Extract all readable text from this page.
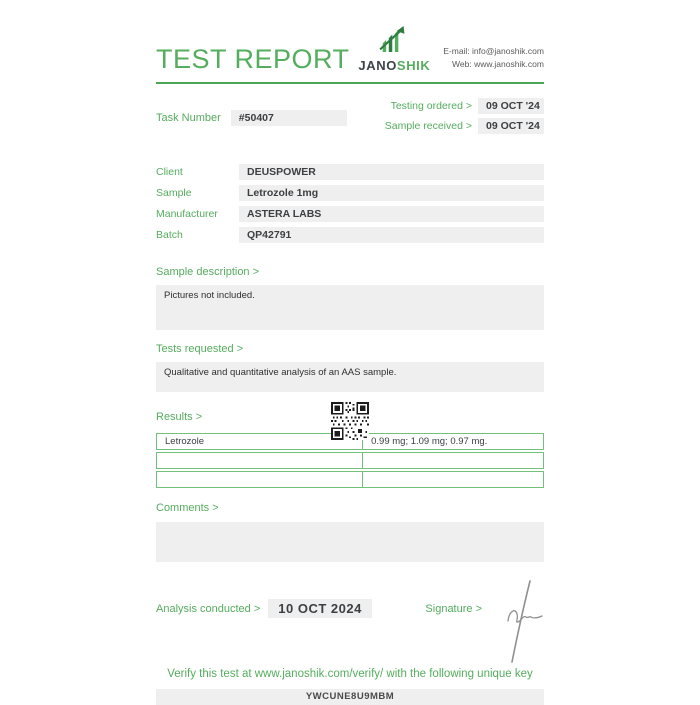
TEST REPORT JANOSHIK
E-mail: info@janoshik.com
Web: www.janoshik.com
Task Number	#50407
Testing ordered >	09 OCT '24
Sample received >	09 OCT '24
Client	DEUSPOWER
Sample	Letrozole 1mg
Manufacturer	ASTERA LABS
Batch	QP42791
Sample description >
Pictures not included.
Tests requested >
Qualitative and quantitative analysis of an AAS sample.
Results >
Letrozole	0.99 mg; 1.09 mg; 0.97 mg.
Comments >
Analysis conducted >	10 OCT 2024	Signature >
Verify this test at www.janoshik.com/verify/ with the following unique key
YWCUNE8U9MBM
